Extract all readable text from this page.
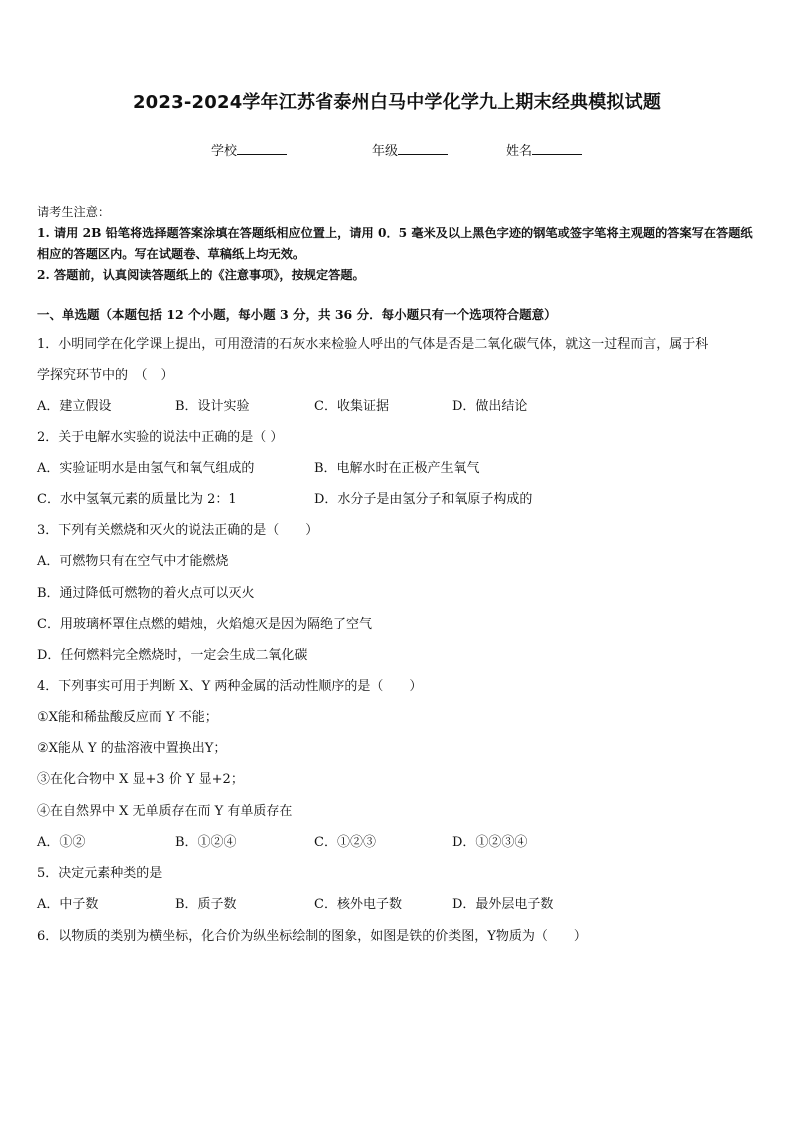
2023-2024学年江苏省泰州白马中学化学九上期末经典模拟试题
学校	年级	姓名
请考生注意：
1. 请用 2B 铅笔将选择题答案涂填在答题纸相应位置上，请用 0．5 毫米及以上黑色字迹的钢笔或签字笔将主观题的答案写在答题纸相应的答题区内。写在试题卷、草稿纸上均无效。
2. 答题前，认真阅读答题纸上的《注意事项》，按规定答题。
一、单选题（本题包括 12 个小题，每小题 3 分，共 36 分．每小题只有一个选项符合题意）
1．小明同学在化学课上提出，可用澄清的石灰水来检验人呼出的气体是否是二氧化碳气体，就这一过程而言，属于科
学探究环节中的　（　）
A．建立假设	B．设计实验	C．收集证据	D．做出结论
2．关于电解水实验的说法中正确的是（ ）
A．实验证明水是由氢气和氧气组成的	B．电解水时在正极产生氧气
C．水中氢氧元素的质量比为 2：1	D．水分子是由氢分子和氧原子构成的
3．下列有关燃烧和灭火的说法正确的是（　　）
A．可燃物只有在空气中才能燃烧
B．通过降低可燃物的着火点可以灭火
C．用玻璃杯罩住点燃的蜡烛，火焰熄灭是因为隔绝了空气
D．任何燃料完全燃烧时，一定会生成二氧化碳
4．下列事实可用于判断 X、Y 两种金属的活动性顺序的是（　　）
①X能和稀盐酸反应而 Y 不能；
②X能从 Y 的盐溶液中置换出Y；
③在化合物中 X 显+3 价 Y 显+2；
④在自然界中 X 无单质存在而 Y 有单质存在
A．①②	B．①②④	C．①②③	D．①②③④
5．决定元素种类的是
A．中子数	B．质子数	C．核外电子数	D．最外层电子数
6．以物质的类别为横坐标，化合价为纵坐标绘制的图象，如图是铁的价类图，Y物质为（　　）
